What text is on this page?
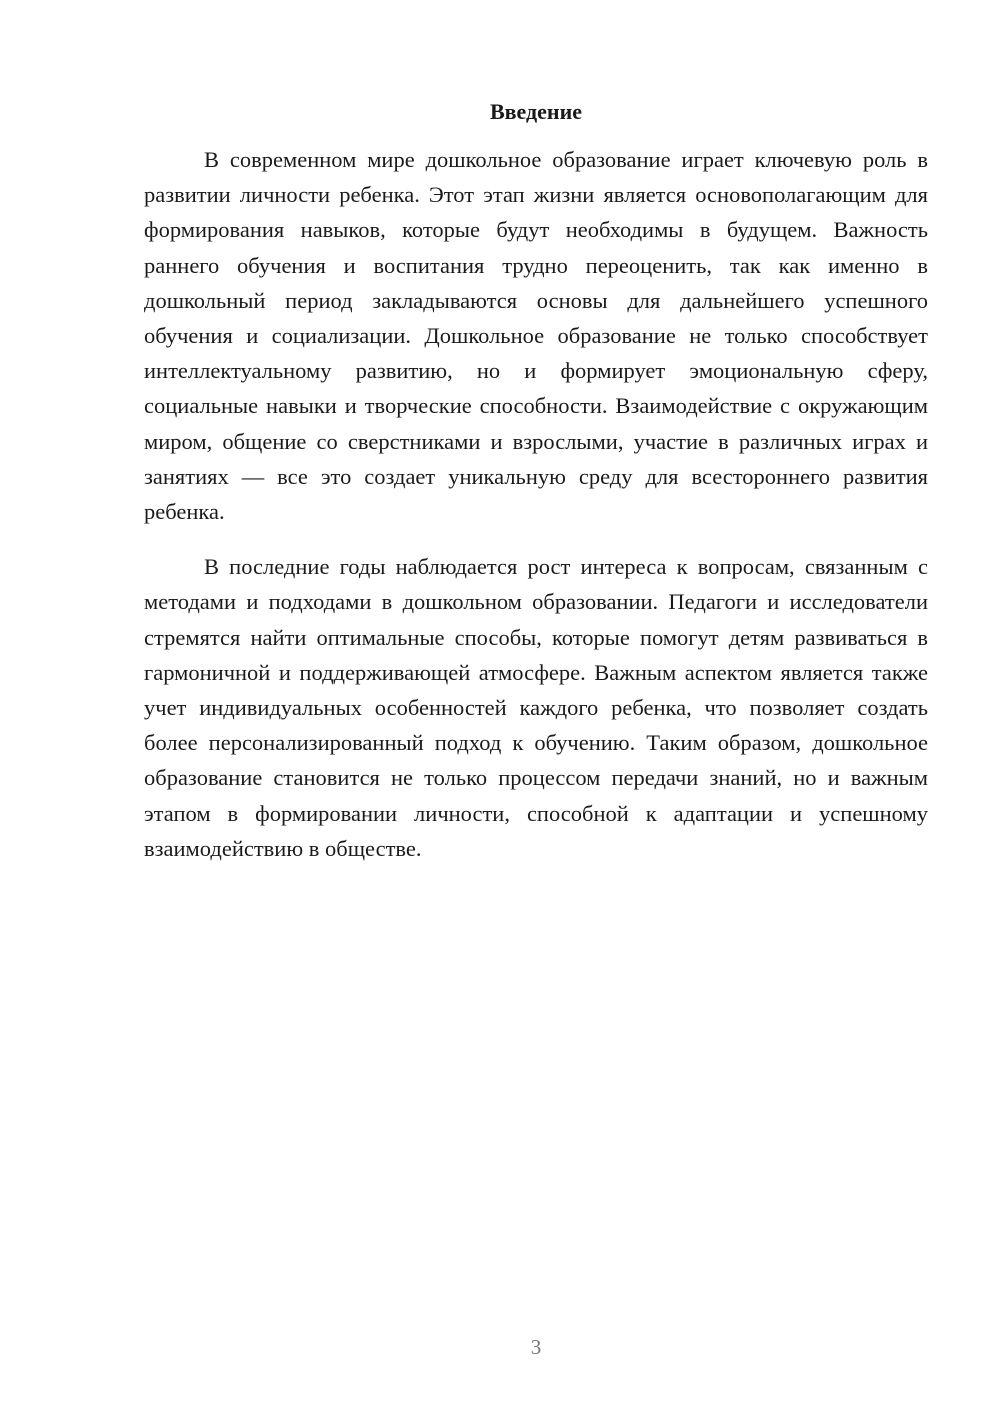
Введение

В современном мире дошкольное образование играет ключевую роль в развитии личности ребенка. Этот этап жизни является основополагающим для формирования навыков, которые будут необходимы в будущем. Важность раннего обучения и воспитания трудно переоценить, так как именно в дошкольный период закладываются основы для дальнейшего успешного обучения и социализации. Дошкольное образование не только способствует интеллектуальному развитию, но и формирует эмоциональную сферу, социальные навыки и творческие способности. Взаимодействие с окружающим миром, общение со сверстниками и взрослыми, участие в различных играх и занятиях — все это создает уникальную среду для всестороннего развития ребенка.

В последние годы наблюдается рост интереса к вопросам, связанным с методами и подходами в дошкольном образовании. Педагоги и исследователи стремятся найти оптимальные способы, которые помогут детям развиваться в гармоничной и поддерживающей атмосфере. Важным аспектом является также учет индивидуальных особенностей каждого ребенка, что позволяет создать более персонализированный подход к обучению. Таким образом, дошкольное образование становится не только процессом передачи знаний, но и важным этапом в формировании личности, способной к адаптации и успешному взаимодействию в обществе.

3
